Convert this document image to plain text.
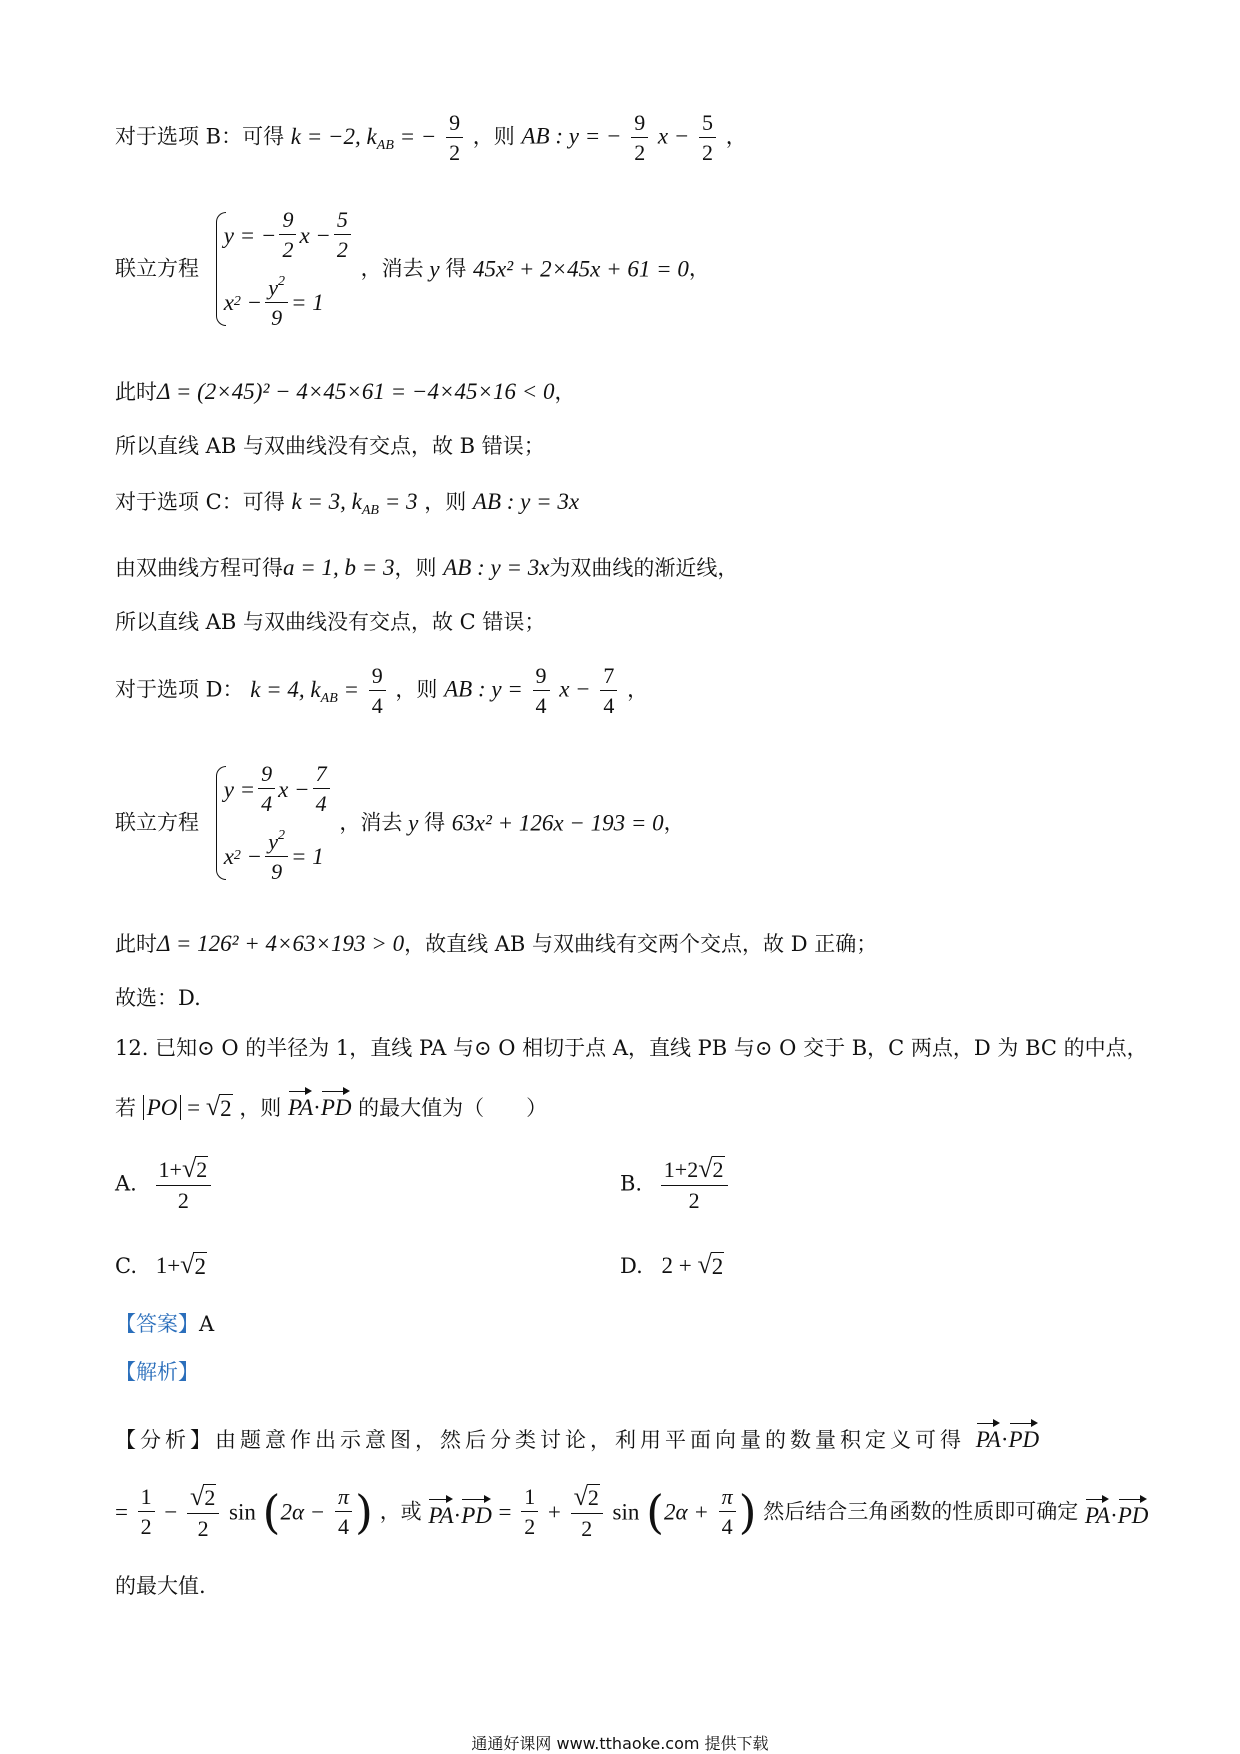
对于选项 B：可得 k = −2, $k_{AB}$ = − $\frac{9}{2}$ ，则 AB : y = − $\frac{9}{2}$ $x - \frac{5}{2}$ ，
联立方程
y = − $\frac{9}{2}$ $x - \frac{5}{2}$
x $2 - \frac{y^2}{9} = 1$
，消去 y 得 45x² + 2×45x + 61 = 0，
此时Δ = (2×45)² − 4×45×61 = −4×45×16 < 0，
所以直线 AB 与双曲线没有交点，故 B 错误；
对于选项 C：可得 k = 3, $k_{AB} = 3$ ，则 AB : y = 3x
由双曲线方程可得a = 1, b = 3，则 AB : y = 3x为双曲线的渐近线，
所以直线 AB 与双曲线没有交点，故 C 错误；
对于选项 D： k = 4, $k_{AB} = \frac{9}{4}$ ，则 AB : $y = \frac{9}{4}$ $x - \frac{7}{4}$ ，
联立方程
$y = \frac{9}{4}$ $x - \frac{7}{4}$
x $2 - \frac{y^2}{9} = 1$
，消去 y 得 63x² + 126x − 193 = 0，
此时Δ = 126² + 4×63×193 > 0，故直线 AB 与双曲线有交两个交点，故 D 正确；
故选：D.
12. 已知⊙ O 的半径为 1，直线 PA 与⊙ O 相切于点 A，直线 PB 与⊙ O 交于 B，C 两点，D 为 BC 的中点，
若 PO = √ 2 ，则 PA·PD 的最大值为（　　）
A. $\frac{1+ √ 2}{2}$	B. $\frac{1+2 √ 2}{2}$
C. 1+ √ 2	D. 2 + √ 2
【答案】A
【解析】
【分析】由题意作出示意图，然后分类讨论，利用平面向量的数量积定义可得 PA·PD
= $\frac{1}{2} - \frac{√ 2}{2}$ $\sin (2\alpha - \frac{\pi}{4}$ ) ，或 $PA\cdot PD = \frac{1}{2} + \frac{√ 2}{2}$ $\sin (2\alpha + \frac{\pi}{4}$ ) 然后结合三角函数的性质即可确定 PA·PD
的最大值.
通通好课网 www.tthaoke.com 提供下载
